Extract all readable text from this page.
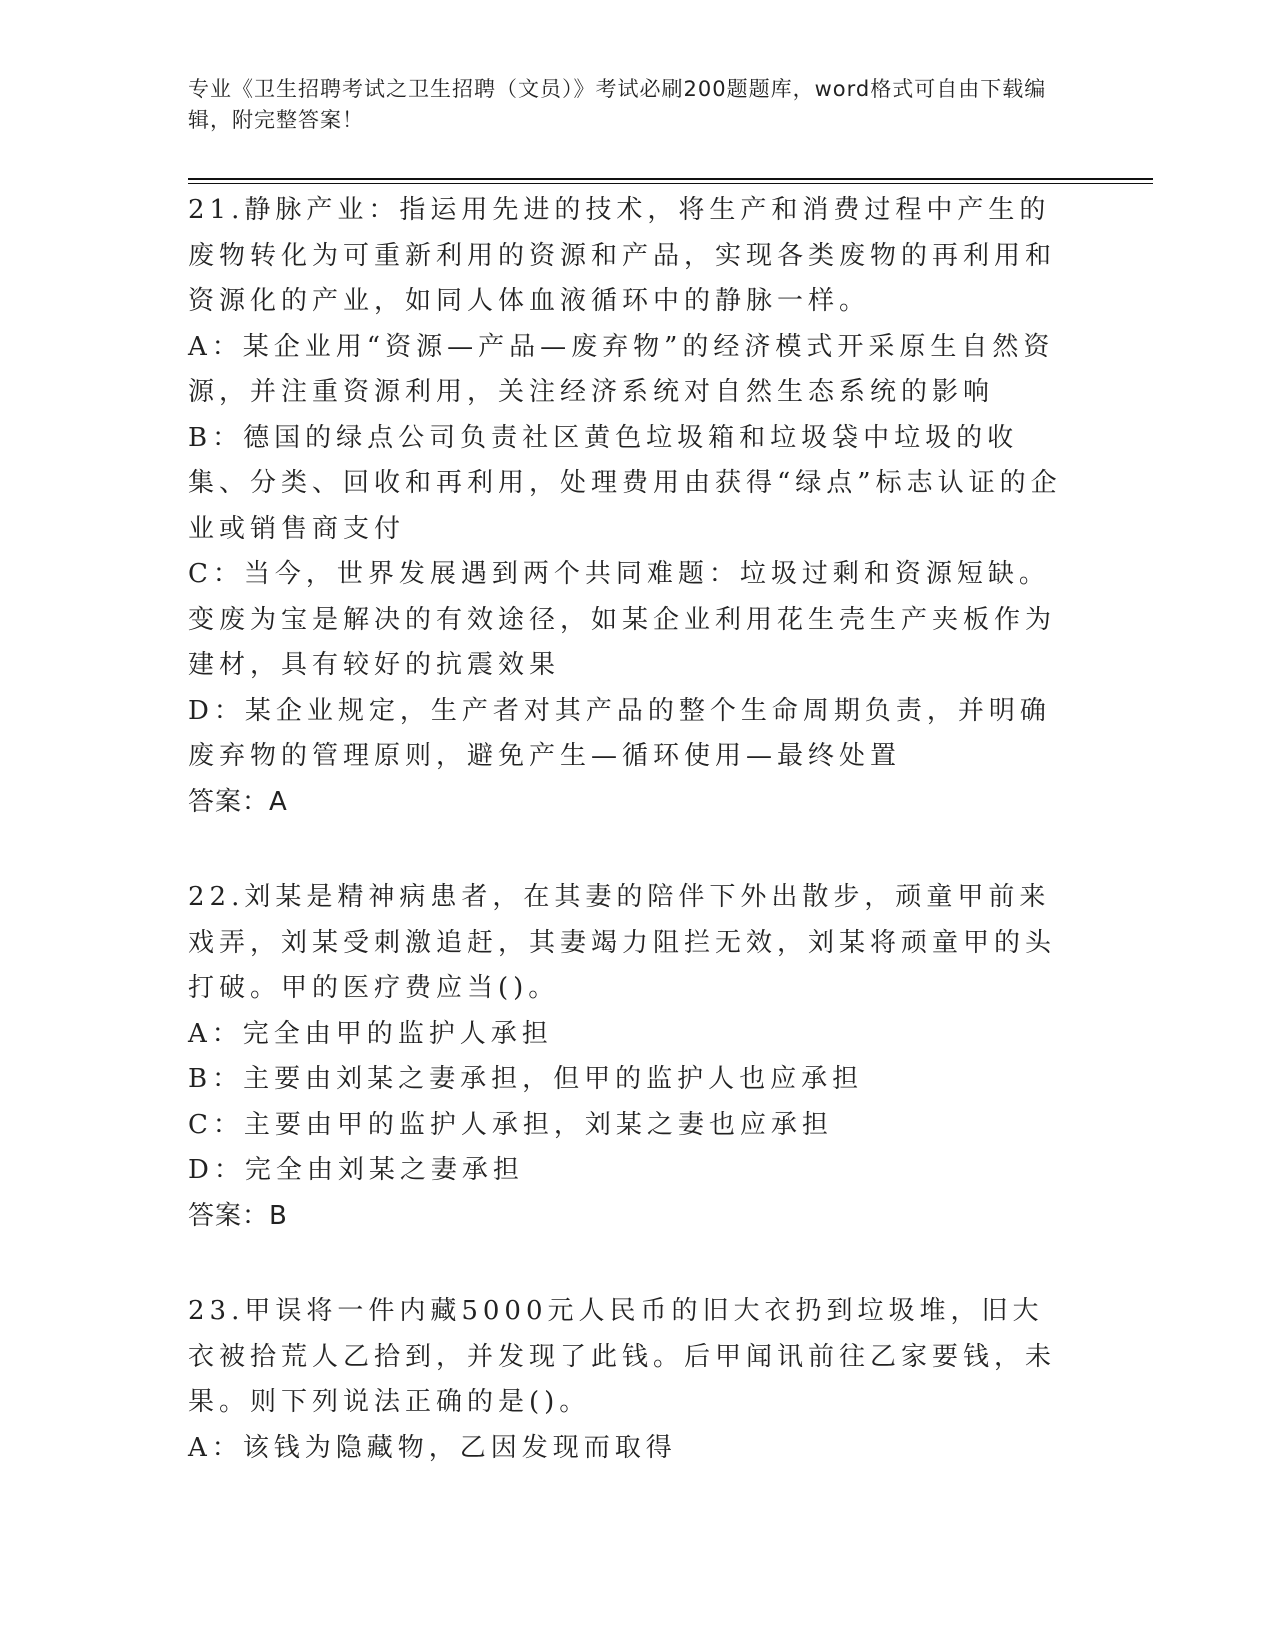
专业《卫生招聘考试之卫生招聘（文员）》考试必刷200题题库，word格式可自由下载编辑，附完整答案！
21.静脉产业：指运用先进的技术，将生产和消费过程中产生的废物转化为可重新利用的资源和产品，实现各类废物的再利用和资源化的产业，如同人体血液循环中的静脉一样。
A：某企业用“资源—产品—废弃物”的经济模式开采原生自然资源，并注重资源利用，关注经济系统对自然生态系统的影响
B：德国的绿点公司负责社区黄色垃圾箱和垃圾袋中垃圾的收集、分类、回收和再利用，处理费用由获得“绿点”标志认证的企业或销售商支付
C：当今，世界发展遇到两个共同难题：垃圾过剩和资源短缺。变废为宝是解决的有效途径，如某企业利用花生壳生产夹板作为建材，具有较好的抗震效果
D：某企业规定，生产者对其产品的整个生命周期负责，并明确废弃物的管理原则，避免产生—循环使用—最终处置
答案：A
22.刘某是精神病患者，在其妻的陪伴下外出散步，顽童甲前来戏弄，刘某受刺激追赶，其妻竭力阻拦无效，刘某将顽童甲的头打破。甲的医疗费应当()。
A：完全由甲的监护人承担
B：主要由刘某之妻承担，但甲的监护人也应承担
C：主要由甲的监护人承担，刘某之妻也应承担
D：完全由刘某之妻承担
答案：B
23.甲误将一件内藏5000元人民币的旧大衣扔到垃圾堆，旧大衣被拾荒人乙拾到，并发现了此钱。后甲闻讯前往乙家要钱，未果。则下列说法正确的是()。
A：该钱为隐藏物，乙因发现而取得
